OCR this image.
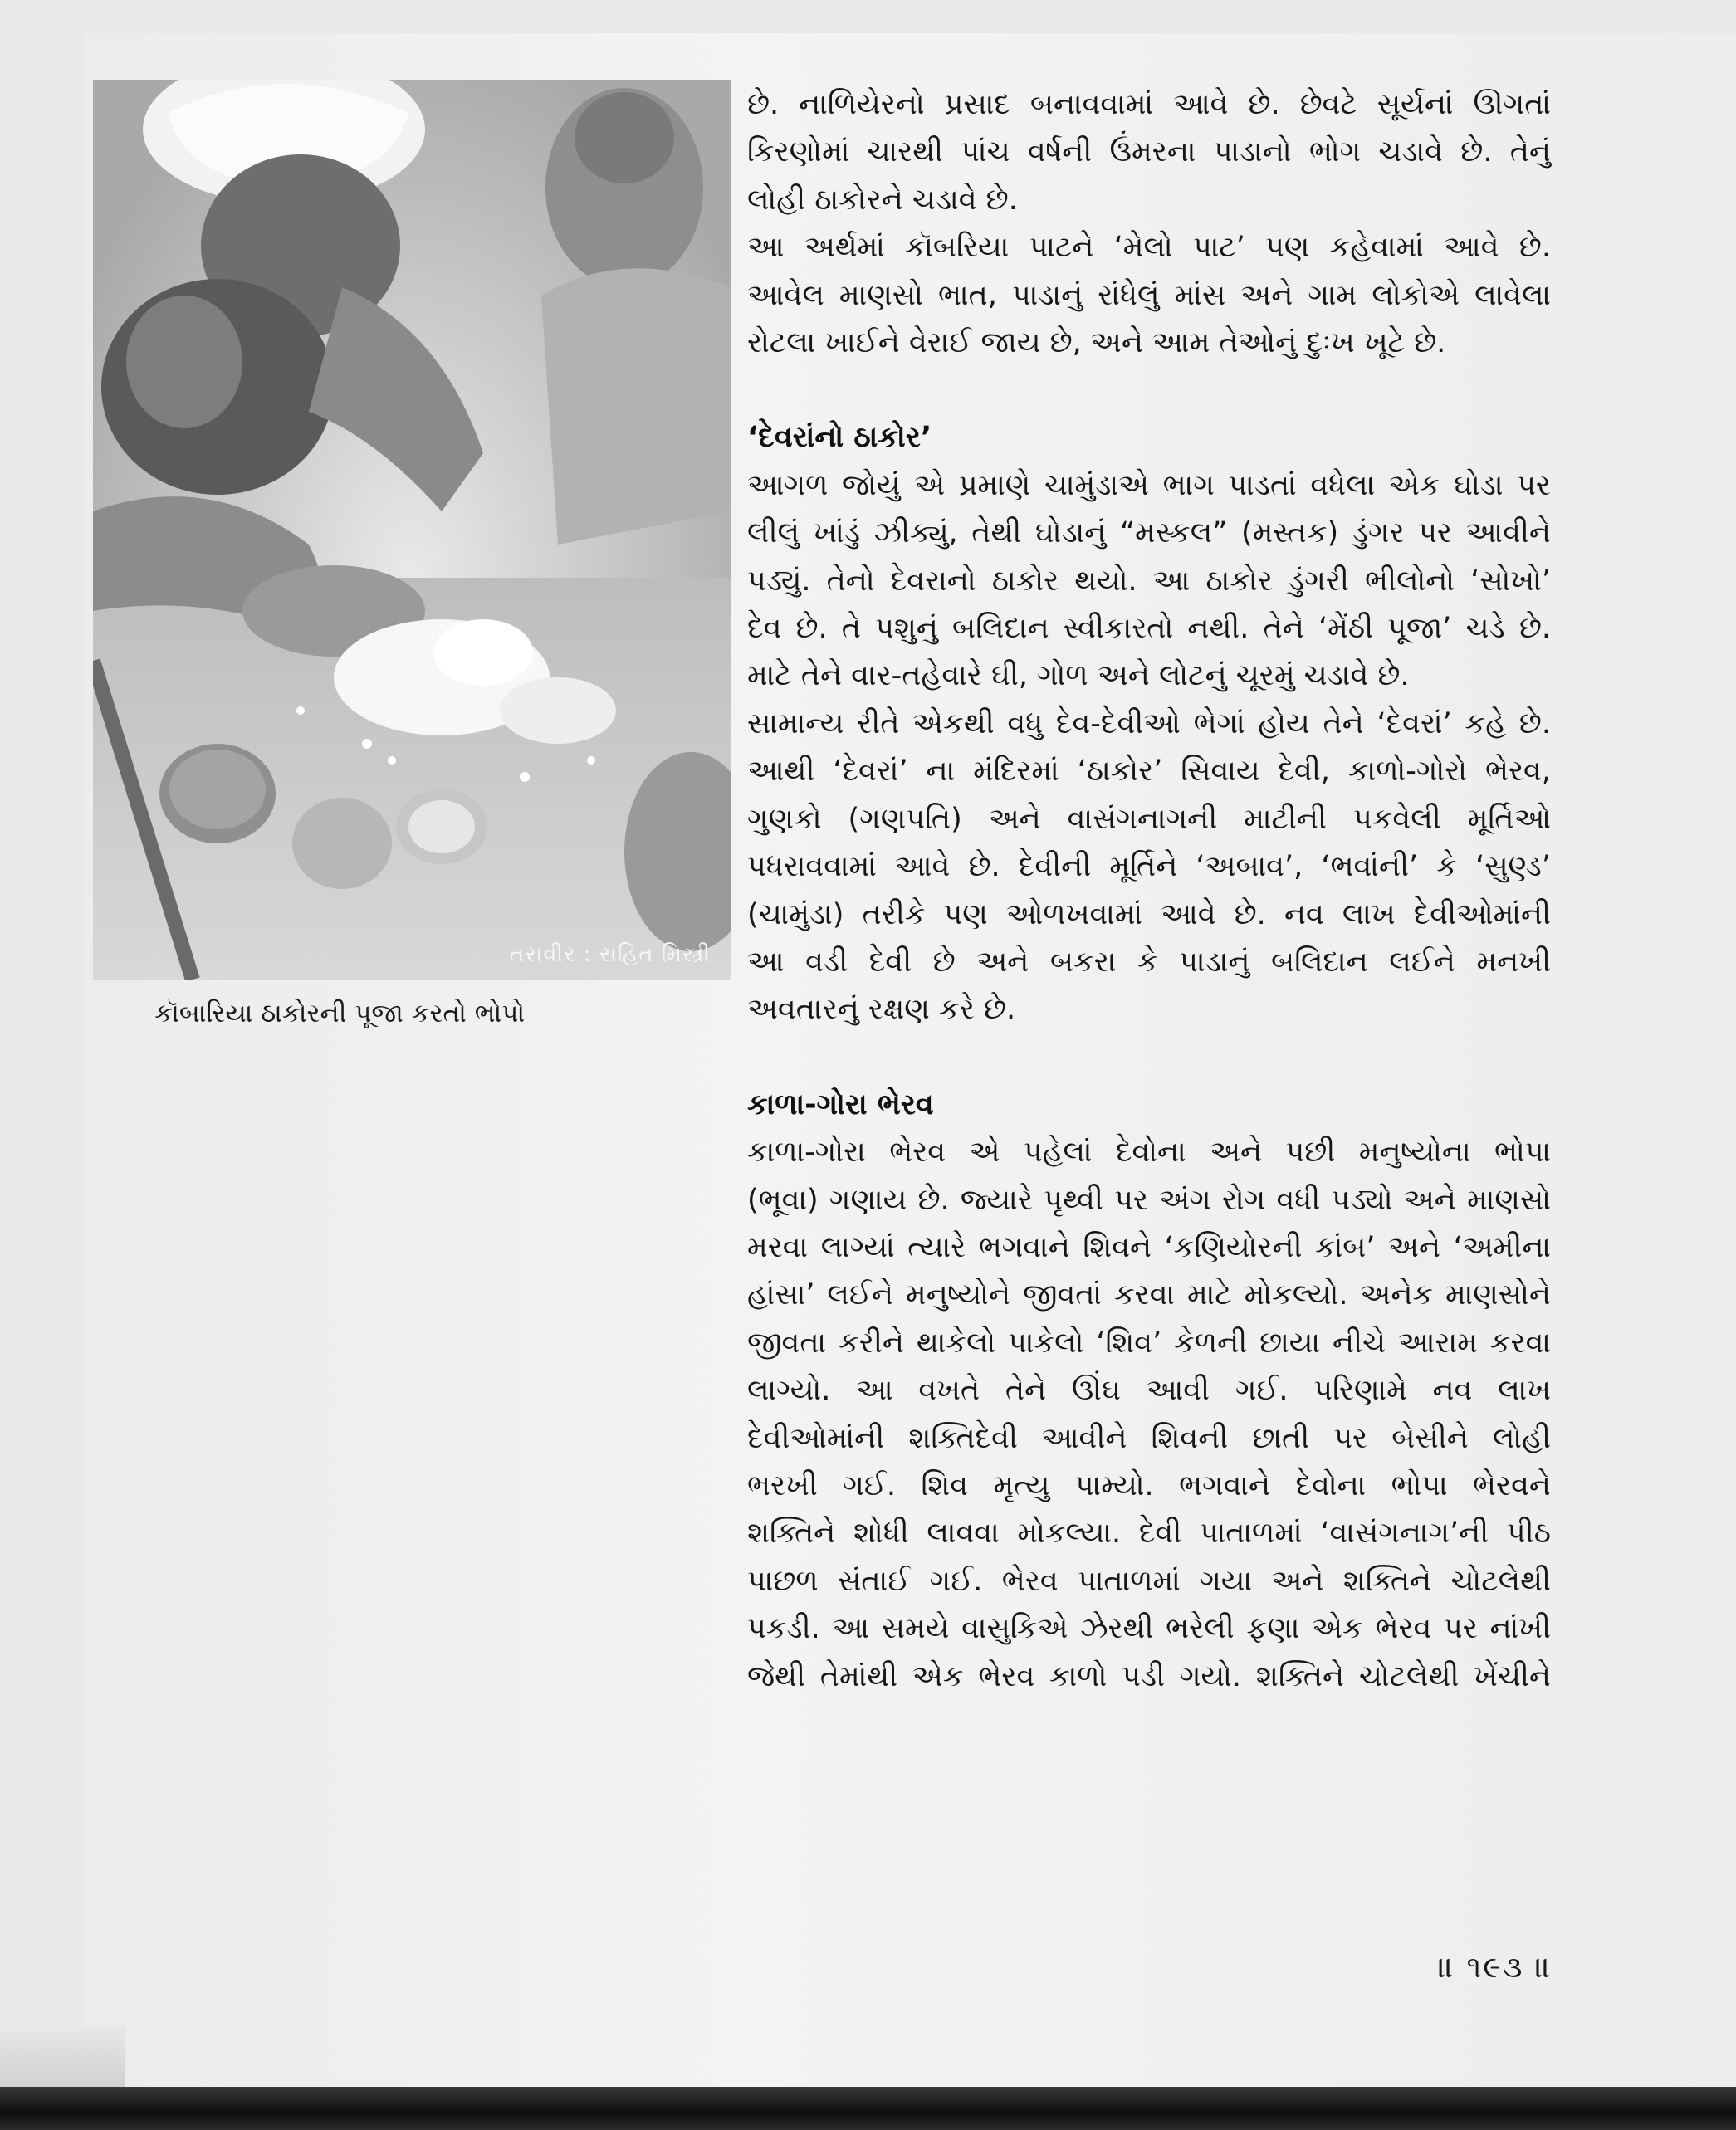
તસવીર : સહિત મિસ્ત્રી
કૉબારિયા ઠાકોરની પૂજા કરતો ભોપો

છે. નાળિયેરનો પ્રસાદ બનાવવામાં આવે છે. છેવટે સૂર્યનાં ઊગતાં

કિરણોમાં ચારથી પાંચ વર્ષની ઉંમરના પાડાનો ભોગ ચડાવે છે. તેનું

લોહી ઠાકોરને ચડાવે છે.

આ અર્થમાં કૉબરિયા પાટને ‘મેલો પાટ’ પણ કહેવામાં આવે છે.

આવેલ માણસો ભાત, પાડાનું રાંધેલું માંસ અને ગામ લોકોએ લાવેલા

રોટલા ખાઈને વેરાઈ જાય છે, અને આમ તેઓનું દુઃખ ખૂટે છે.

‘દેવરાંનો ઠાકોર’

આગળ જોયું એ પ્રમાણે ચામુંડાએ ભાગ પાડતાં વધેલા એક ઘોડા પર

લીલું ખાંડું ઝીક્યું, તેથી ઘોડાનું “મસ્કલ” (મસ્તક) ડુંગર પર આવીને

પડ્યું. તેનો દેવરાનો ઠાકોર થયો. આ ઠાકોર ડુંગરી ભીલોનો ‘સોખો’

દેવ છે. તે પશુનું બલિદાન સ્વીકારતો નથી. તેને ‘મેંઠી પૂજા’ ચડે છે.

માટે તેને વાર-તહેવારે ઘી, ગોળ અને લોટનું ચૂરમું ચડાવે છે.

સામાન્ય રીતે એકથી વધુ દેવ-દેવીઓ ભેગાં હોય તેને ‘દેવરાં’ કહે છે.

આથી ‘દેવરાં’ ના મંદિરમાં ‘ઠાકોર’ સિવાય દેવી, કાળો-ગોરો ભેરવ,

ગુણકો (ગણપતિ) અને વાસંગનાગની માટીની પકવેલી મૂર્તિઓ

પધરાવવામાં આવે છે. દેવીની મૂર્તિને ‘અબાવ’, ‘ભવાંની’ કે ‘સુણ્ડ’

(ચામુંડા) તરીકે પણ ઓળખવામાં આવે છે. નવ લાખ દેવીઓમાંની

આ વડી દેવી છે અને બકરા કે પાડાનું બલિદાન લઈને મનખી

અવતારનું રક્ષણ કરે છે.

કાળા-ગોરા ભેરવ

કાળા-ગોરા ભેરવ એ પહેલાં દેવોના અને પછી મનુષ્યોના ભોપા

(ભૂવા) ગણાય છે. જ્યારે પૃથ્વી પર અંગ રોગ વધી પડ્યો અને માણસો

મરવા લાગ્યાં ત્યારે ભગવાને શિવને ‘કણિયોરની કાંબ’ અને ‘અમીના

હાંસા’ લઈને મનુષ્યોને જીવતાં કરવા માટે મોકલ્યો. અનેક માણસોને

જીવતા કરીને થાકેલો પાકેલો ‘શિવ’ કેળની છાયા નીચે આરામ કરવા

લાગ્યો. આ વખતે તેને ઊંઘ આવી ગઈ. પરિણામે નવ લાખ

દેવીઓમાંની શક્તિદેવી આવીને શિવની છાતી પર બેસીને લોહી

ભરખી ગઈ. શિવ મૃત્યુ પામ્યો. ભગવાને દેવોના ભોપા ભેરવને

શક્તિને શોધી લાવવા મોકલ્યા. દેવી પાતાળમાં ‘વાસંગનાગ’ની પીઠ

પાછળ સંતાઈ ગઈ. ભેરવ પાતાળમાં ગયા અને શક્તિને ચોટલેથી

પકડી. આ સમયે વાસુકિએ ઝેરથી ભરેલી ફણા એક ભેરવ પર નાંખી

જેથી તેમાંથી એક ભેરવ કાળો પડી ગયો. શક્તિને ચોટલેથી ખેંચીને

॥ ૧૯૩ ॥
